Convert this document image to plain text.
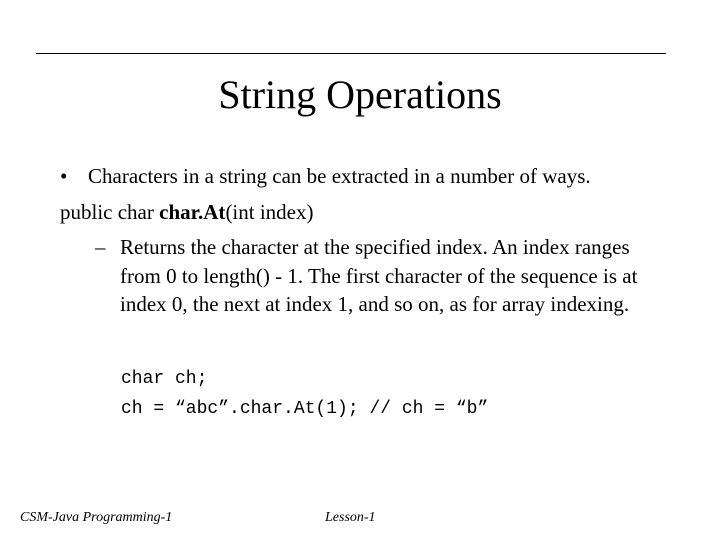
String Operations
• Characters in a string can be extracted in a number of ways.
public char char.At(int index)
– Returns the character at the specified index. An index ranges from 0 to length() - 1. The first character of the sequence is at index 0, the next at index 1, and so on, as for array indexing.
char ch;
ch = “abc”.char.At(1); // ch = “b”
CSM-Java Programming-1	Lesson-1
